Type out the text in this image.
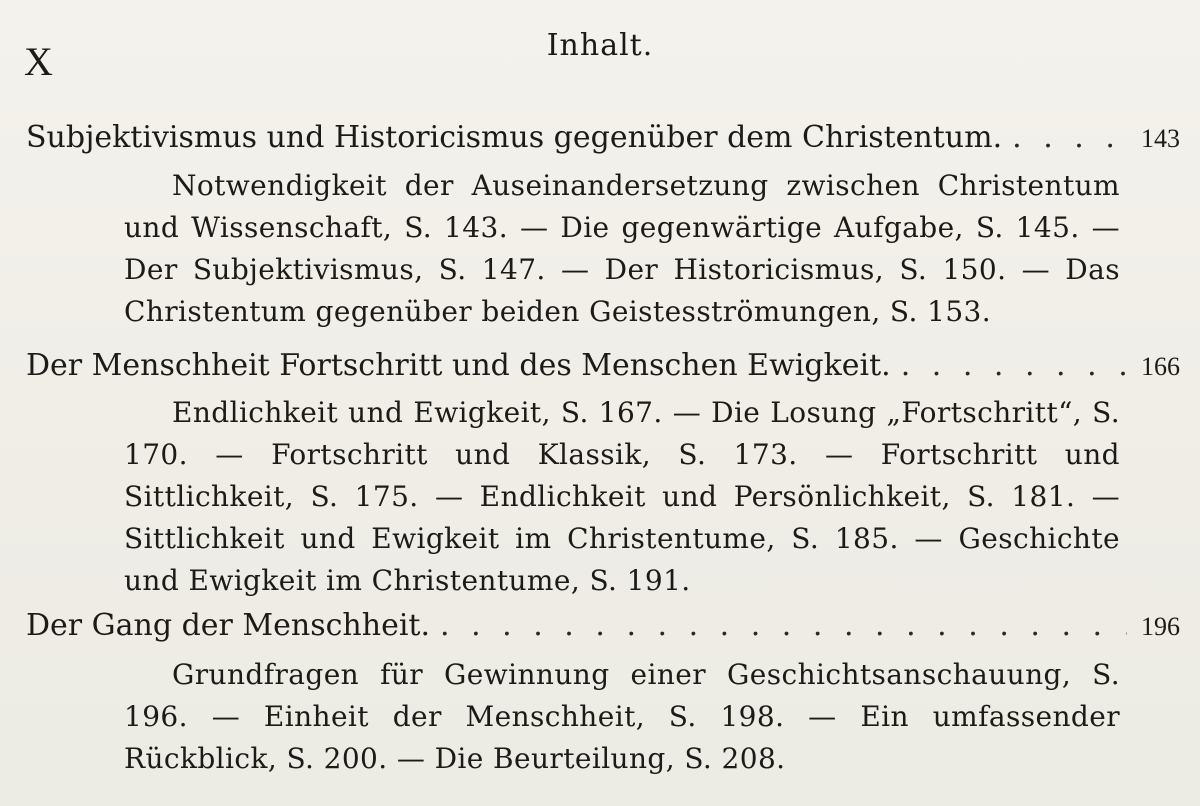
X	Inhalt.
Subjektivismus und Historicismus gegenüber dem Christentum. . . .	143
Notwendigkeit der Auseinandersetzung zwischen Christentum und Wissenschaft, S. 143. — Die gegenwärtige Aufgabe, S. 145. — Der Subjektivismus, S. 147. — Der Historicismus, S. 150. — Das Christentum gegenüber beiden Geistesströmungen, S. 153.
Der Menschheit Fortschritt und des Menschen Ewigkeit. . . .	166
Endlichkeit und Ewigkeit, S. 167. — Die Losung „Fortschritt“, S. 170. — Fortschritt und Klassik, S. 173. — Fortschritt und Sittlichkeit, S. 175. — Endlichkeit und Persönlichkeit, S. 181. — Sittlichkeit und Ewigkeit im Christentume, S. 185. — Geschichte und Ewigkeit im Christentume, S. 191.
Der Gang der Menschheit. . . .	196
Grundfragen für Gewinnung einer Geschichtsanschauung, S. 196. — Einheit der Menschheit, S. 198. — Ein umfassender Rückblick, S. 200. — Die Beurteilung, S. 208.
